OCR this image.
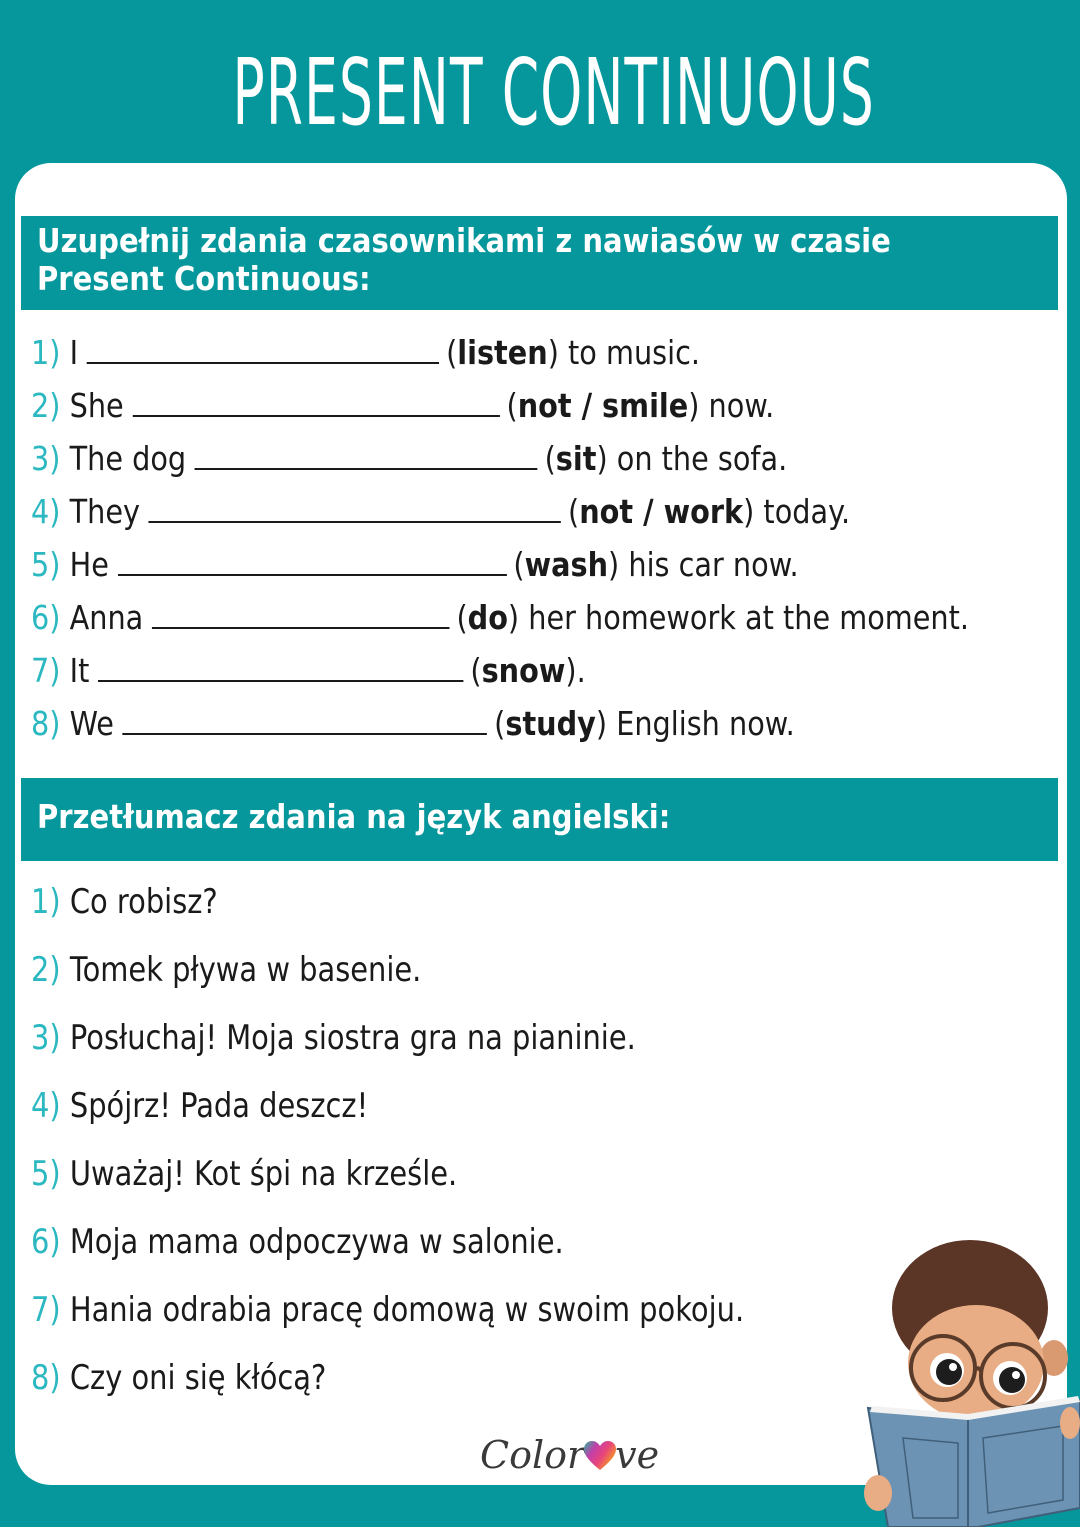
PRESENT CONTINUOUS
Uzupełnij zdania czasownikami z nawiasów w czasie
Present Continuous:
1) I	(listen) to music.
2) She	(not / smile) now.
3) The dog	(sit) on the sofa.
4) They	(not / work) today.
5) He	(wash) his car now.
6) Anna	(do) her homework at the moment.
7) It	(snow).
8) We	(study) English now.
Przetłumacz zdania na język angielski:
1) Co robisz?
2) Tomek pływa w basenie.
3) Posłuchaj! Moja siostra gra na pianinie.
4) Spójrz! Pada deszcz!
5) Uważaj! Kot śpi na krześle.
6) Moja mama odpoczywa w salonie.
7) Hania odrabia pracę domową w swoim pokoju.
8) Czy oni się kłócą?
Color ve
